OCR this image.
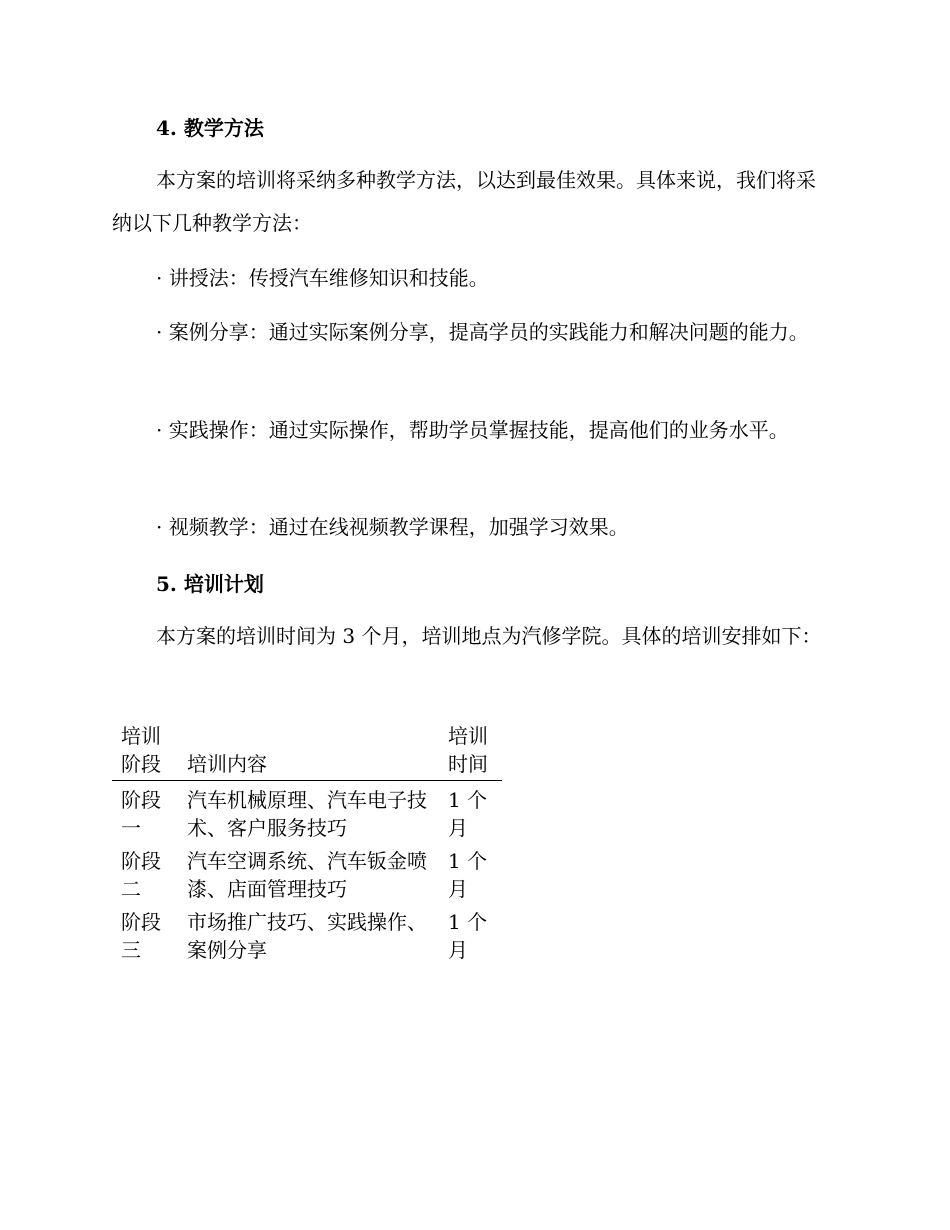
4. 教学方法

本方案的培训将采纳多种教学方法，以达到最佳效果。具体来说，我们将采纳以下几种教学方法：

· 讲授法：传授汽车维修知识和技能。

· 案例分享：通过实际案例分享，提高学员的实践能力和解决问题的能力。

· 实践操作：通过实际操作，帮助学员掌握技能，提高他们的业务水平。

· 视频教学：通过在线视频教学课程，加强学习效果。

5. 培训计划

本方案的培训时间为 3 个月，培训地点为汽修学院。具体的培训安排如下：

培训阶段	培训内容	培训时间
阶段一	汽车机械原理、汽车电子技术、客户服务技巧	1 个月
阶段二	汽车空调系统、汽车钣金喷漆、店面管理技巧	1 个月
阶段三	市场推广技巧、实践操作、案例分享	1 个月
